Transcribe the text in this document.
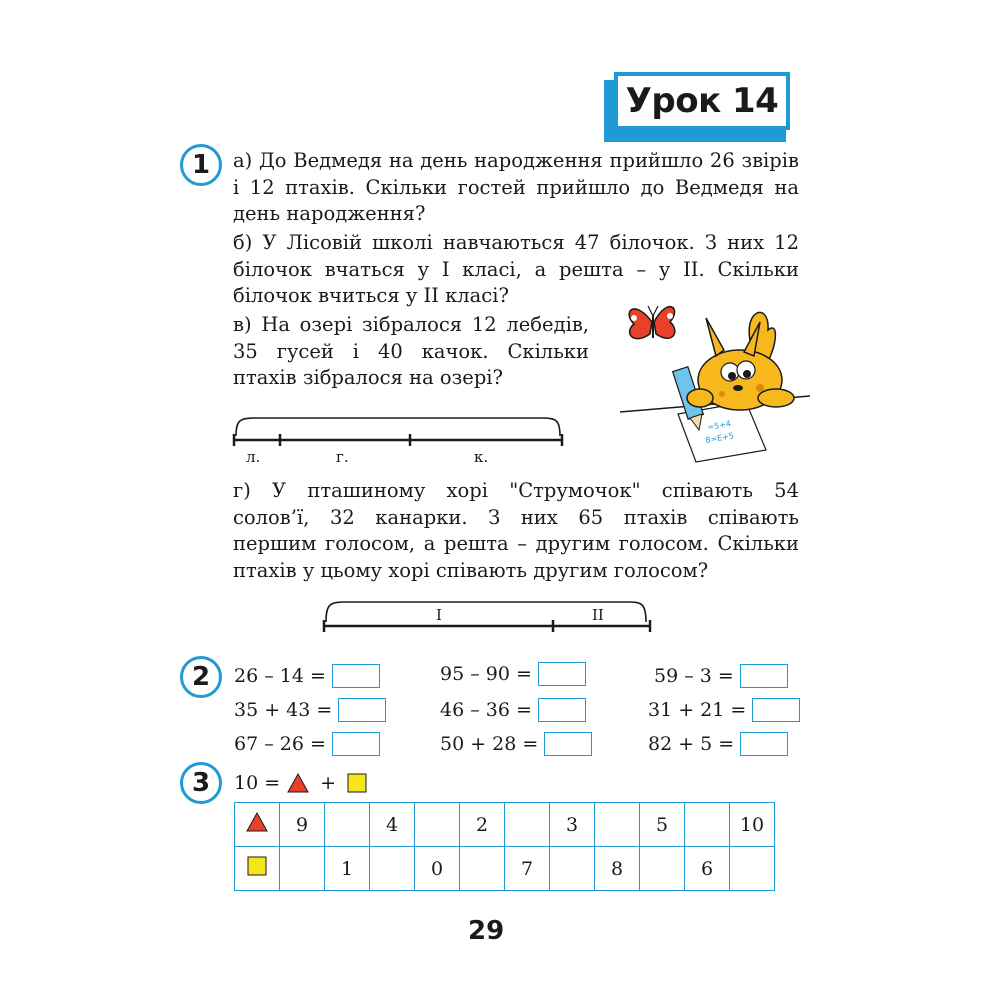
Урок 14
1 а) До Ведмедя на день народження прийшло 26 звірів
і 12 птахів. Скільки гостей прийшло до Ведмедя на
день народження?
б) У Лісовій школі навчаються 47 білочок. З них 12
білочок вчаться у І класі, а решта – у ІІ. Скільки
білочок вчиться у ІІ класі?
в) На озері зібралося 12 лебедів,
35 гусей і 40 качок. Скільки
птахів зібралося на озері?
=5+4
8=E+5
л.	г.	к.
г) У пташиному хорі "Струмочок" співають 54
солов’ї, 32 канарки. З них 65 птахів співають
першим голосом, а решта – другим голосом. Скільки
птахів у цьому хорі співають другим голосом?
І	ІІ
2 26 – 14 =
35 + 43 =
67 – 26 =
95 – 90 =
46 – 36 =
50 + 28 =
59 – 3 =
31 + 21 =
82 + 5 =
3 10 = +
	9		4		2		3		5		10
		1		0		7		8		6	
29
